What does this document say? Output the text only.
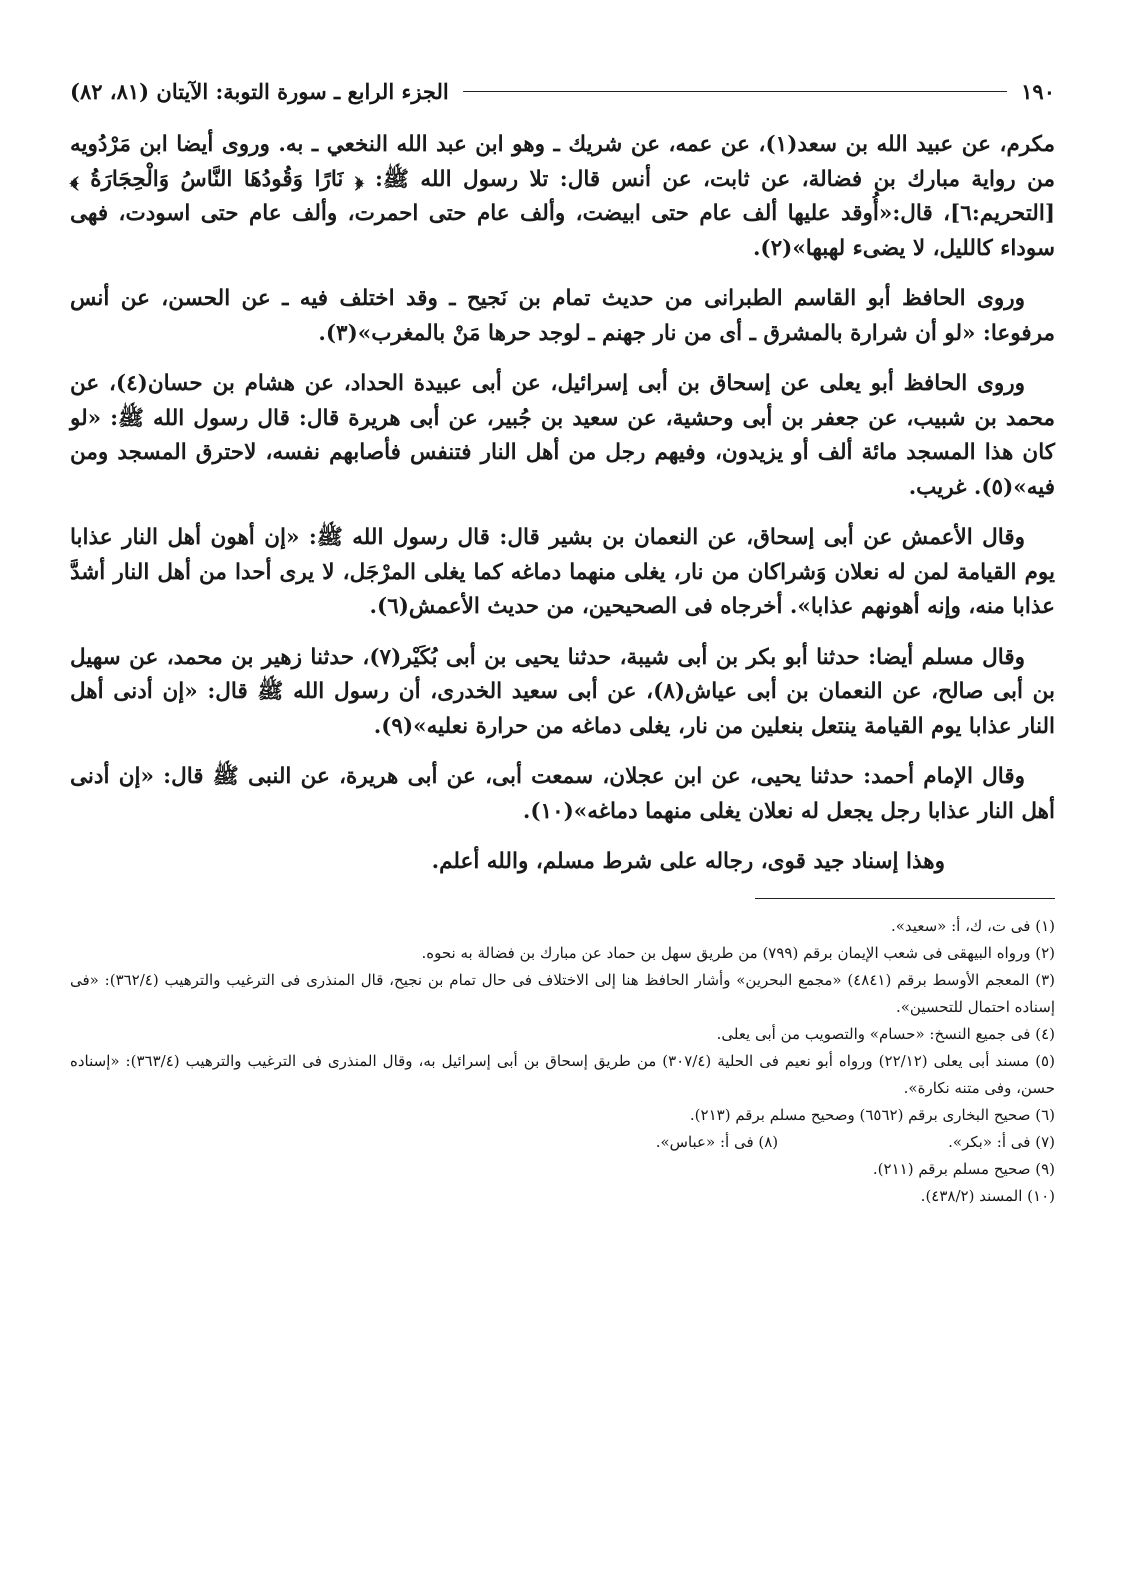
١٩٠
الجزء الرابع ـ سورة التوبة: الآيتان (٨١، ٨٢)

مكرم، عن عبيد الله بن سعد(١)، عن عمه، عن شريك ـ وهو ابن عبد الله النخعي ـ به. وروى أيضا ابن مَرْدُويه من رواية مبارك بن فضالة، عن ثابت، عن أنس قال: تلا رسول الله ﷺ: ﴿ نَارًا وَقُودُهَا النَّاسُ وَالْحِجَارَةُ ﴾ [التحريم:٦]، قال:«أُوقد عليها ألف عام حتى ابيضت، وألف عام حتى احمرت، وألف عام حتى اسودت، فهى سوداء كالليل، لا يضىء لهبها»(٢).

وروى الحافظ أبو القاسم الطبرانى من حديث تمام بن نَجيح ـ وقد اختلف فيه ـ عن الحسن، عن أنس مرفوعا: «لو أن شرارة بالمشرق ـ أى من نار جهنم ـ لوجد حرها مَنْ بالمغرب»(٣).

وروى الحافظ أبو يعلى عن إسحاق بن أبى إسرائيل، عن أبى عبيدة الحداد، عن هشام بن حسان(٤)، عن محمد بن شبيب، عن جعفر بن أبى وحشية، عن سعيد بن جُبير، عن أبى هريرة قال: قال رسول الله ﷺ: «لو كان هذا المسجد مائة ألف أو يزيدون، وفيهم رجل من أهل النار فتنفس فأصابهم نفسه، لاحترق المسجد ومن فيه»(٥). غريب.

وقال الأعمش عن أبى إسحاق، عن النعمان بن بشير قال: قال رسول الله ﷺ: «إن أهون أهل النار عذابا يوم القيامة لمن له نعلان وَشراكان من نار، يغلى منهما دماغه كما يغلى المرْجَل، لا يرى أحدا من أهل النار أشدَّ عذابا منه، وإنه أهونهم عذابا». أخرجاه فى الصحيحين، من حديث الأعمش(٦).

وقال مسلم أيضا: حدثنا أبو بكر بن أبى شيبة، حدثنا يحيى بن أبى بُكَيْر(٧)، حدثنا زهير بن محمد، عن سهيل بن أبى صالح، عن النعمان بن أبى عياش(٨)، عن أبى سعيد الخدرى، أن رسول الله ﷺ قال: «إن أدنى أهل النار عذابا يوم القيامة ينتعل بنعلين من نار، يغلى دماغه من حرارة نعليه»(٩).

وقال الإمام أحمد: حدثنا يحيى، عن ابن عجلان، سمعت أبى، عن أبى هريرة، عن النبى ﷺ قال: «إن أدنى أهل النار عذابا رجل يجعل له نعلان يغلى منهما دماغه»(١٠).

وهذا إسناد جيد قوى، رجاله على شرط مسلم، والله أعلم.

(١) فى ت، ك، أ: «سعيد».
(٢) ورواه البيهقى فى شعب الإيمان برقم (٧٩٩) من طريق سهل بن حماد عن مبارك بن فضالة به نحوه.
(٣) المعجم الأوسط برقم (٤٨٤١) «مجمع البحرين» وأشار الحافظ هنا إلى الاختلاف فى حال تمام بن نجيح، قال المنذرى فى الترغيب والترهيب (٣٦٢/٤): «فى إسناده احتمال للتحسين».
(٤) فى جميع النسخ: «حسام» والتصويب من أبى يعلى.
(٥) مسند أبى يعلى (٢٢/١٢) ورواه أبو نعيم فى الحلية (٣٠٧/٤) من طريق إسحاق بن أبى إسرائيل به، وقال المنذرى فى الترغيب والترهيب (٣٦٣/٤): «إسناده حسن، وفى متنه نكارة».
(٦) صحيح البخارى برقم (٦٥٦٢) وصحيح مسلم برقم (٢١٣).
(٧) فى أ: «بكر».
(٨) فى أ: «عباس».
(٩) صحيح مسلم برقم (٢١١).
(١٠) المسند (٤٣٨/٢).
